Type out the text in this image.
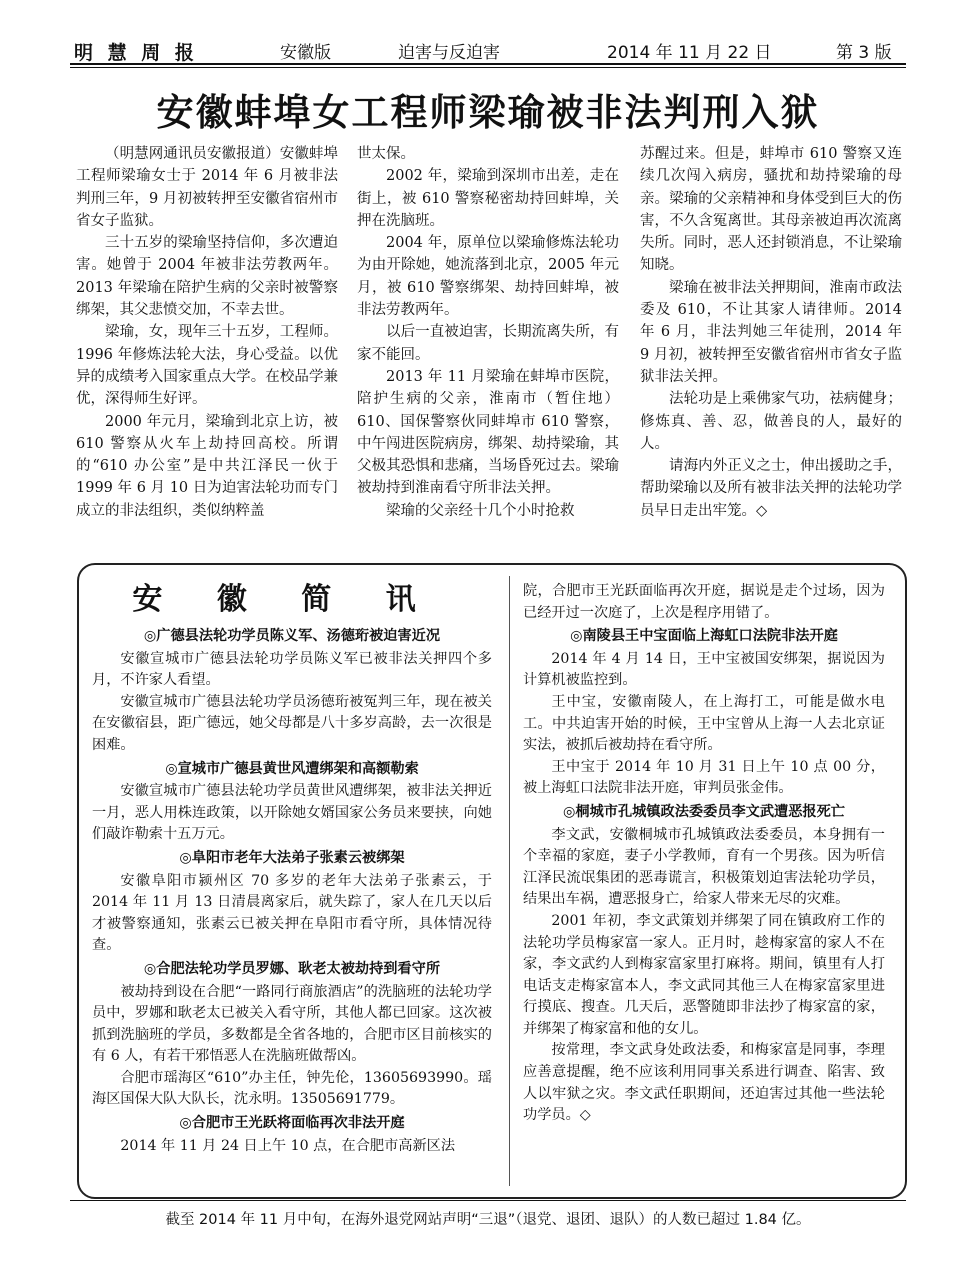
明 慧 周 报	安徽版	迫害与反迫害	2014 年 11 月 22 日	第 3 版
安徽蚌埠女工程师梁瑜被非法判刑入狱

（明慧网通讯员安徽报道）安徽蚌埠工程师梁瑜女士于 2014 年 6 月被非法判刑三年，9 月初被转押至安徽省宿州市省女子监狱。

三十五岁的梁瑜坚持信仰，多次遭迫害。她曾于 2004 年被非法劳教两年。2013 年梁瑜在陪护生病的父亲时被警察绑架，其父悲愤交加，不幸去世。

梁瑜，女，现年三十五岁，工程师。1996 年修炼法轮大法，身心受益。以优异的成绩考入国家重点大学。在校品学兼优，深得师生好评。

2000 年元月，梁瑜到北京上访，被 610 警察从火车上劫持回高校。所谓的“610 办公室”是中共江泽民一伙于 1999 年 6 月 10 日为迫害法轮功而专门成立的非法组织，类似纳粹盖

世太保。

2002 年，梁瑜到深圳市出差，走在街上，被 610 警察秘密劫持回蚌埠，关押在洗脑班。

2004 年，原单位以梁瑜修炼法轮功为由开除她，她流落到北京，2005 年元月，被 610 警察绑架、劫持回蚌埠，被非法劳教两年。

以后一直被迫害，长期流离失所，有家不能回。

2013 年 11 月梁瑜在蚌埠市医院，陪护生病的父亲，淮南市（暂住地）610、国保警察伙同蚌埠市 610 警察，中午闯进医院病房，绑架、劫持梁瑜，其父极其恐惧和悲痛，当场昏死过去。梁瑜被劫持到淮南看守所非法关押。

梁瑜的父亲经十几个小时抢救

苏醒过来。但是，蚌埠市 610 警察又连续几次闯入病房，骚扰和劫持梁瑜的母亲。梁瑜的父亲精神和身体受到巨大的伤害，不久含冤离世。其母亲被迫再次流离失所。同时，恶人还封锁消息，不让梁瑜知晓。

梁瑜在被非法关押期间，淮南市政法委及 610，不让其家人请律师。2014 年 6 月，非法判她三年徒刑，2014 年 9 月初，被转押至安徽省宿州市省女子监狱非法关押。

法轮功是上乘佛家气功，祛病健身；修炼真、善、忍，做善良的人，最好的人。

请海内外正义之士，伸出援助之手，帮助梁瑜以及所有被非法关押的法轮功学员早日走出牢笼。◇

安 徽 简 讯
◎广德县法轮功学员陈义军、汤德珩被迫害近况

安徽宣城市广德县法轮功学员陈义军已被非法关押四个多月，不许家人看望。

安徽宣城市广德县法轮功学员汤德珩被冤判三年，现在被关在安徽宿县，距广德远，她父母都是八十多岁高龄，去一次很是困难。

◎宣城市广德县黄世风遭绑架和高额勒索

安徽宣城市广德县法轮功学员黄世风遭绑架，被非法关押近一月，恶人用株连政策，以开除她女婿国家公务员来要挟，向她们敲诈勒索十五万元。

◎阜阳市老年大法弟子张素云被绑架

安徽阜阳市颍州区 70 多岁的老年大法弟子张素云，于 2014 年 11 月 13 日清晨离家后，就失踪了，家人在几天以后才被警察通知，张素云已被关押在阜阳市看守所，具体情况待查。

◎合肥法轮功学员罗娜、耿老太被劫持到看守所

被劫持到设在合肥“一路同行商旅酒店”的洗脑班的法轮功学员中，罗娜和耿老太已被关入看守所，其他人都已回家。这次被抓到洗脑班的学员，多数都是全省各地的，合肥市区目前核实的有 6 人，有若干邪悟恶人在洗脑班做帮凶。

合肥市瑶海区“610”办主任，钟先伦，13605693990。瑶海区国保大队大队长，沈永明。13505691779。

◎合肥市王光跃将面临再次非法开庭

2014 年 11 月 24 日上午 10 点，在合肥市高新区法

院，合肥市王光跃面临再次开庭，据说是走个过场，因为已经开过一次庭了，上次是程序用错了。

◎南陵县王中宝面临上海虹口法院非法开庭

2014 年 4 月 14 日，王中宝被国安绑架，据说因为计算机被监控到。

王中宝，安徽南陵人，在上海打工，可能是做水电工。中共迫害开始的时候，王中宝曾从上海一人去北京证实法，被抓后被劫持在看守所。

王中宝于 2014 年 10 月 31 日上午 10 点 00 分，被上海虹口法院非法开庭，审判员张金伟。

◎桐城市孔城镇政法委委员李文武遭恶报死亡

李文武，安徽桐城市孔城镇政法委委员，本身拥有一个幸福的家庭，妻子小学教师，育有一个男孩。因为听信江泽民流氓集团的恶毒谎言，积极策划迫害法轮功学员，结果出车祸，遭恶报身亡，给家人带来无尽的灾难。

2001 年初，李文武策划并绑架了同在镇政府工作的法轮功学员梅家富一家人。正月时，趁梅家富的家人不在家，李文武约人到梅家富家里打麻将。期间，镇里有人打电话支走梅家富本人，李文武同其他三人在梅家富家里进行摸底、搜查。几天后，恶警随即非法抄了梅家富的家，并绑架了梅家富和他的女儿。

按常理，李文武身处政法委，和梅家富是同事，李理应善意提醒，绝不应该利用同事关系进行调查、陷害、致人以牢狱之灾。李文武任职期间，还迫害过其他一些法轮功学员。◇

截至 2014 年 11 月中旬，在海外退党网站声明“三退”（退党、退团、退队）的人数已超过 1.84 亿。
